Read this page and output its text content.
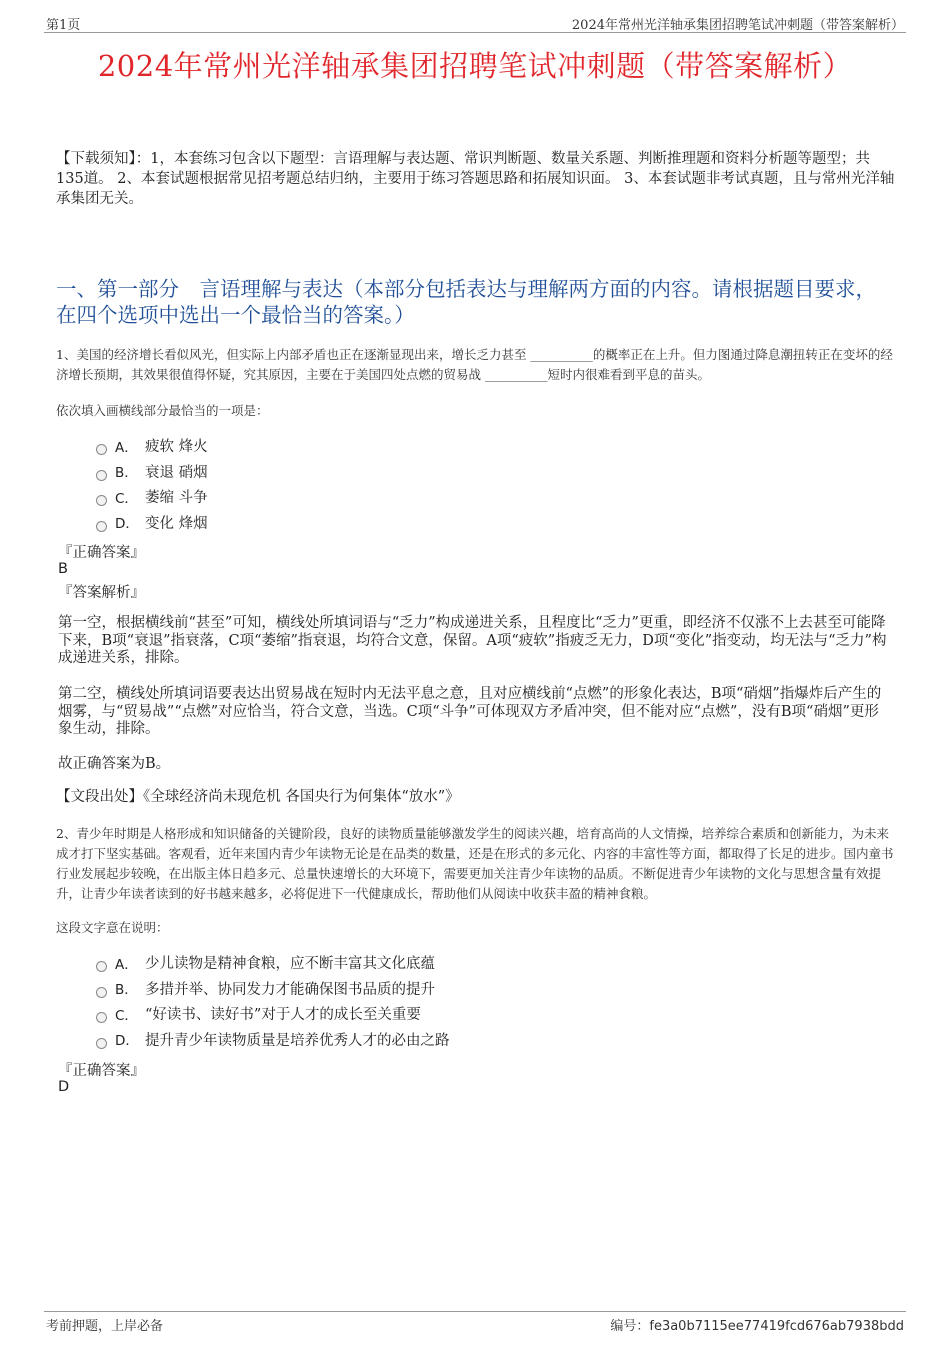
第1页	2024年常州光洋轴承集团招聘笔试冲刺题（带答案解析）
2024年常州光洋轴承集团招聘笔试冲刺题（带答案解析）
【下载须知】：1，本套练习包含以下题型：言语理解与表达题、常识判断题、数量关系题、判断推理题和资料分析题等题型；共135道。 2、本套试题根据常见招考题总结归纳，主要用于练习答题思路和拓展知识面。 3、本套试题非考试真题，且与常州光洋轴承集团无关。
一、第一部分　言语理解与表达（本部分包括表达与理解两方面的内容。请根据题目要求，在四个选项中选出一个最恰当的答案。）
1、美国的经济增长看似风光，但实际上内部矛盾也正在逐渐显现出来，增长乏力甚至 __________的概率正在上升。但力图通过降息潮扭转正在变坏的经济增长预期，其效果很值得怀疑，究其原因，主要在于美国四处点燃的贸易战 __________短时内很难看到平息的苗头。
依次填入画横线部分最恰当的一项是：
A． 疲软 烽火
B． 衰退 硝烟
C． 萎缩 斗争
D． 变化 烽烟
『正确答案』
B
『答案解析』
第一空，根据横线前“甚至”可知，横线处所填词语与“乏力”构成递进关系，且程度比“乏力”更重，即经济不仅涨不上去甚至可能降下来，B项“衰退”指衰落，C项“萎缩”指衰退，均符合文意，保留。A项“疲软”指疲乏无力，D项“变化”指变动，均无法与“乏力”构成递进关系，排除。
第二空，横线处所填词语要表达出贸易战在短时内无法平息之意，且对应横线前“点燃”的形象化表达，B项“硝烟”指爆炸后产生的烟雾，与“贸易战”“点燃”对应恰当，符合文意，当选。C项“斗争”可体现双方矛盾冲突，但不能对应“点燃”，没有B项“硝烟”更形象生动，排除。
故正确答案为B。
【文段出处】《全球经济尚未现危机 各国央行为何集体“放水”》
2、青少年时期是人格形成和知识储备的关键阶段，良好的读物质量能够激发学生的阅读兴趣，培育高尚的人文情操，培养综合素质和创新能力，为未来成才打下坚实基础。客观看，近年来国内青少年读物无论是在品类的数量，还是在形式的多元化、内容的丰富性等方面，都取得了长足的进步。国内童书行业发展起步较晚，在出版主体日趋多元、总量快速增长的大环境下，需要更加关注青少年读物的品质。不断促进青少年读物的文化与思想含量有效提升，让青少年读者读到的好书越来越多，必将促进下一代健康成长，帮助他们从阅读中收获丰盈的精神食粮。
这段文字意在说明：
A． 少儿读物是精神食粮，应不断丰富其文化底蕴
B． 多措并举、协同发力才能确保图书品质的提升
C． “好读书、读好书”对于人才的成长至关重要
D． 提升青少年读物质量是培养优秀人才的必由之路
『正确答案』
D
考前押题，上岸必备	编号：fe3a0b7115ee77419fcd676ab7938bdd
